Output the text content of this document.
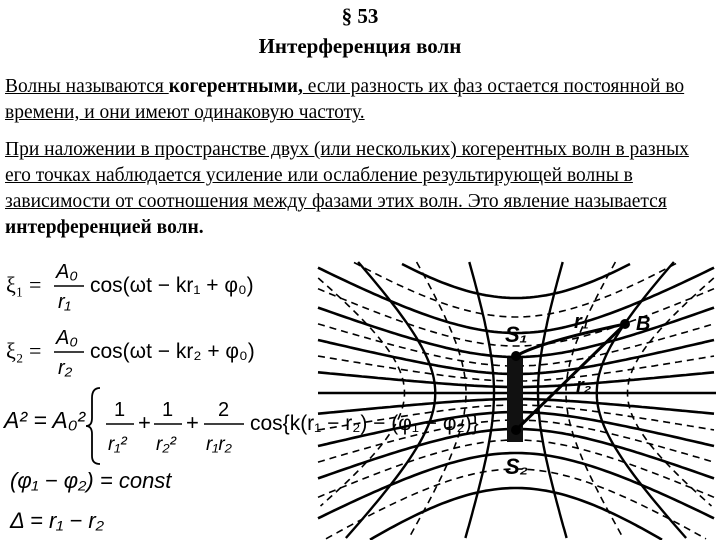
§ 53
Интерференция волн

Волны называются когерентными, если разность их фаз остается постоянной во времени, и они имеют одинаковую частоту.

При наложении в пространстве двух (или нескольких) когерентных волн в разных его точках наблюдается усиление или ослабление результирующей волны в зависимости от соотношения между фазами этих волн. Это явление называется интерференцией волн.

ξ₁ = A₀
r₁
cos(ωt − kr₁ + φ₀)
ξ₂ = A₀
r₂
cos(ωt − kr₂ + φ₀)
A² = A₀² 1
r₁²
+ 1
r₂²
+ 2
r₁r₂
cos{k(r₁ − r₂) − (φ₁ − φ₂)}
(φ₁ − φ₂) = const
Δ = r₁ − r₂
S₁
S₂
r₁
r₂
B
